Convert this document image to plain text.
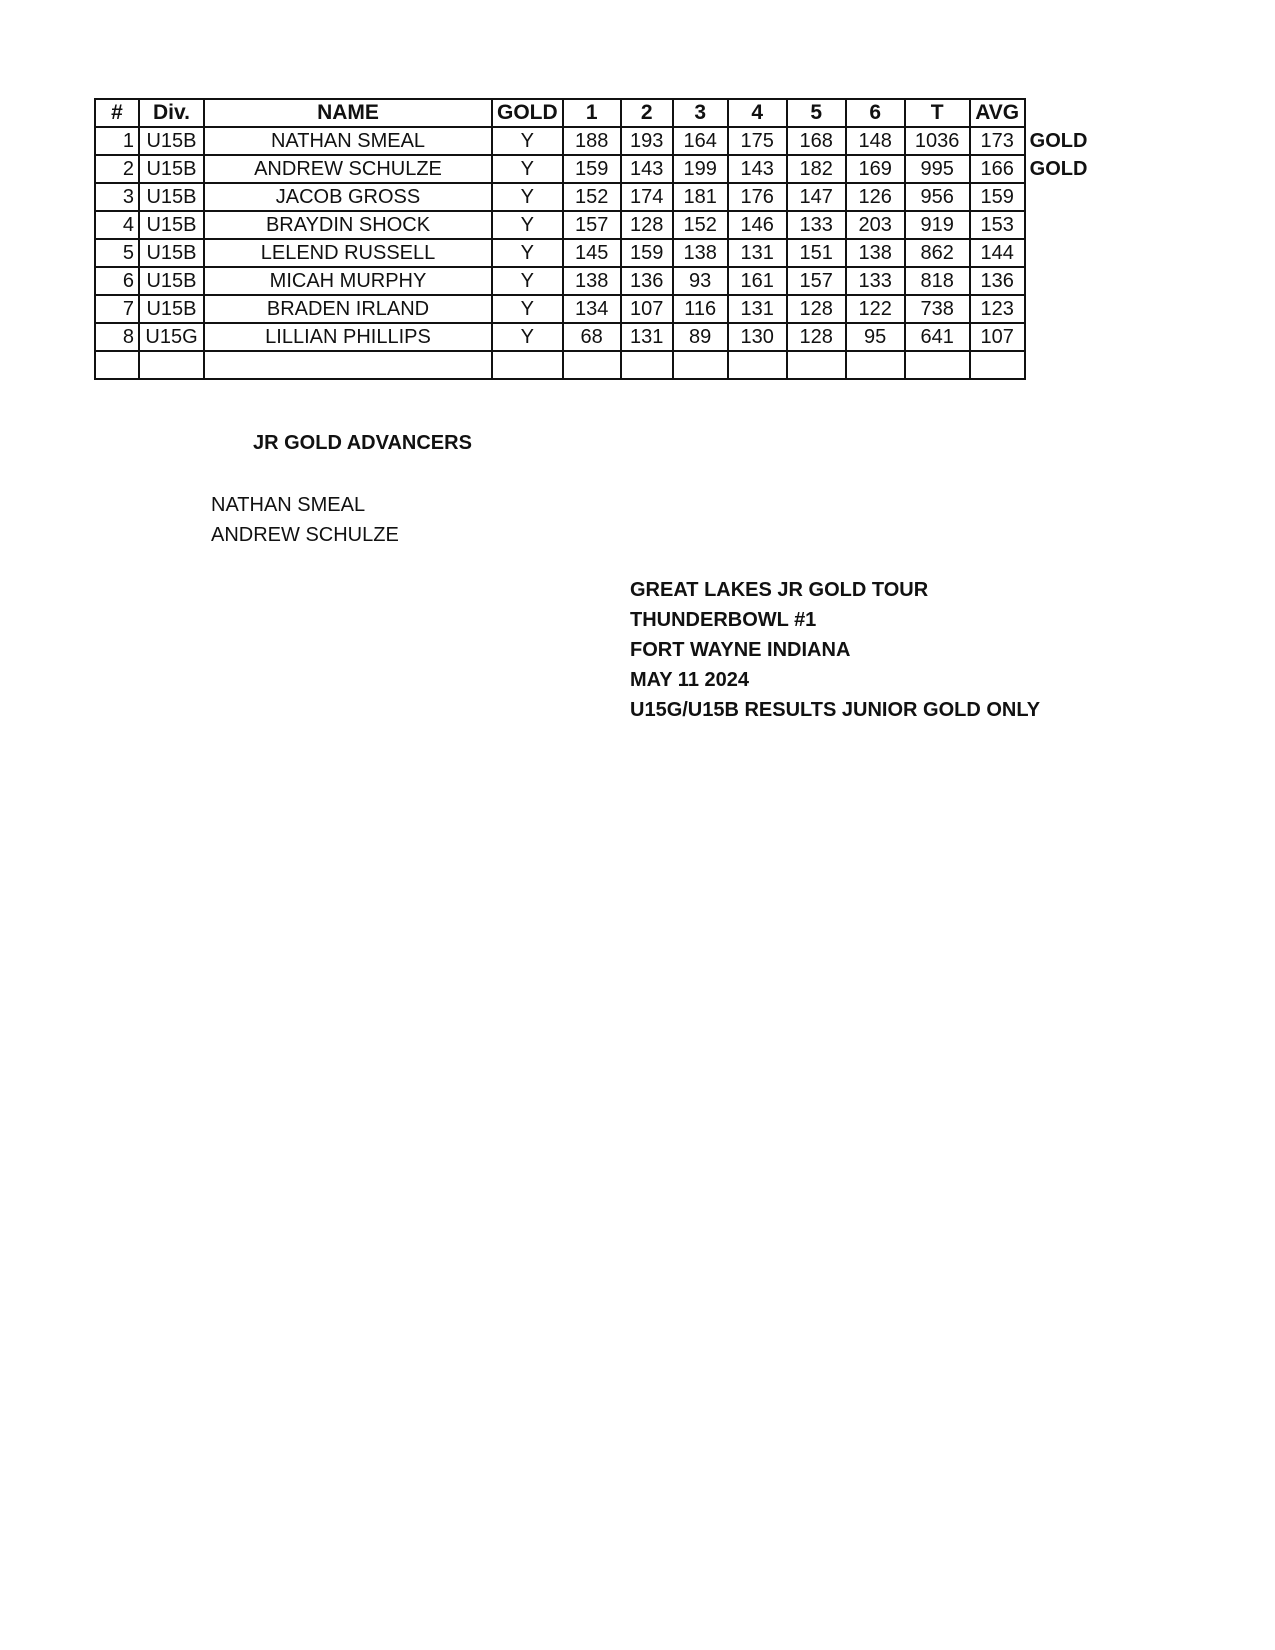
#	Div.	NAME	GOLD	1	2	3	4	5	6	T	AVG	
1	U15B	NATHAN SMEAL	Y	188	193	164	175	168	148	1036	173	GOLD
2	U15B	ANDREW SCHULZE	Y	159	143	199	143	182	169	995	166	GOLD
3	U15B	JACOB GROSS	Y	152	174	181	176	147	126	956	159	
4	U15B	BRAYDIN SHOCK	Y	157	128	152	146	133	203	919	153	
5	U15B	LELEND RUSSELL	Y	145	159	138	131	151	138	862	144	
6	U15B	MICAH MURPHY	Y	138	136	93	161	157	133	818	136	
7	U15B	BRADEN IRLAND	Y	134	107	116	131	128	122	738	123	
8	U15G	LILLIAN PHILLIPS	Y	68	131	89	130	128	95	641	107	

JR GOLD ADVANCERS
NATHAN SMEAL
ANDREW SCHULZE
GREAT LAKES JR GOLD TOUR
THUNDERBOWL #1
FORT WAYNE INDIANA
MAY 11 2024
U15G/U15B RESULTS JUNIOR GOLD ONLY
